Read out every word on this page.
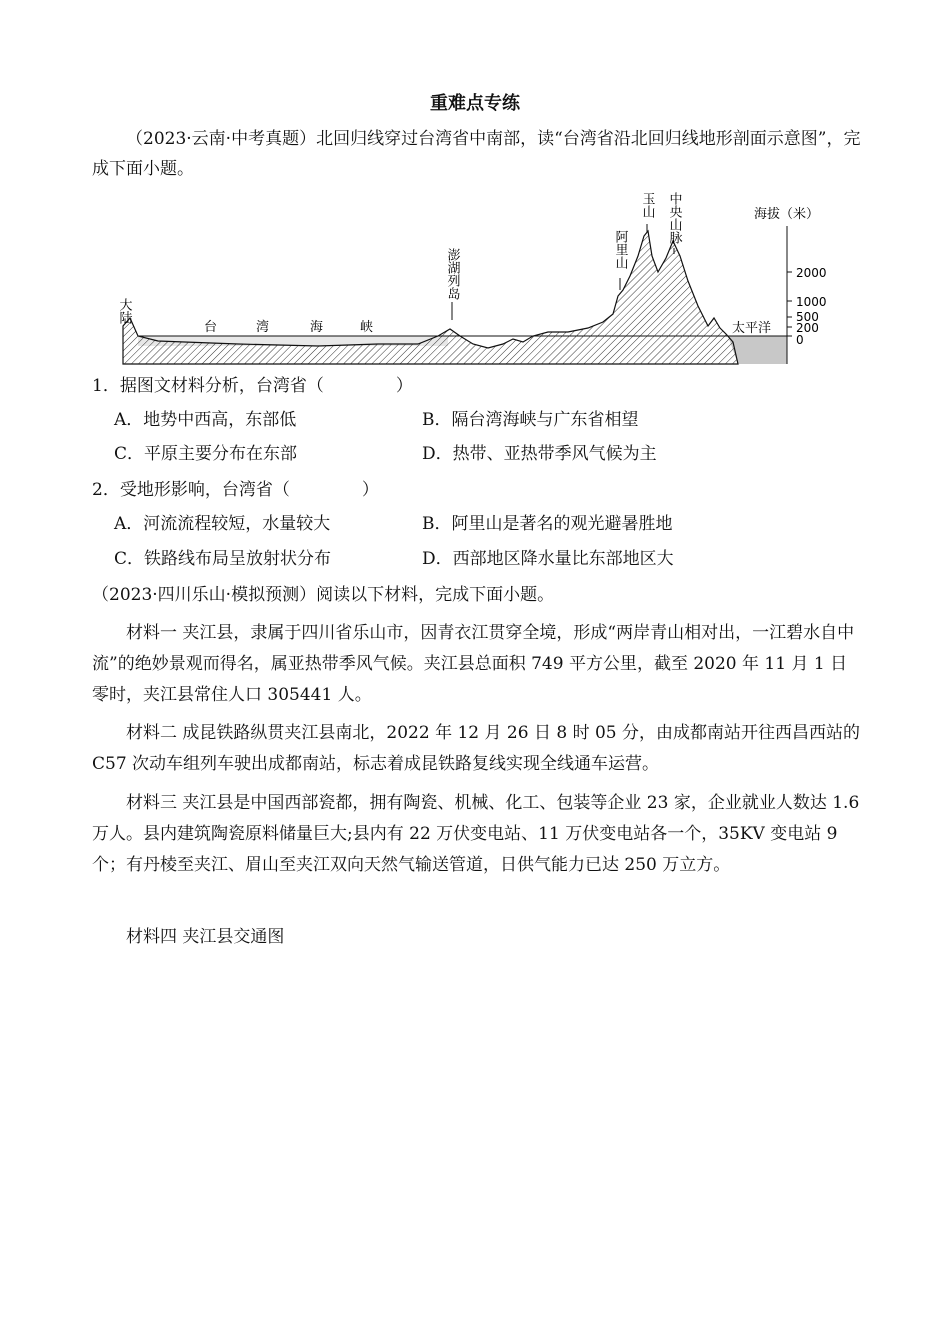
重难点专练

（2023·云南·中考真题）北回归线穿过台湾省中南部，读“台湾省沿北回归线地形剖面示意图”，完成下面小题。

2000
1000
500
200
0
海拔（米）
大陆
澎湖列岛	阿里山
玉山 中央山脉
台	湾	海	峡	太平洋
1．据图文材料分析，台湾省（	）
A．地势中西高，东部低	B．隔台湾海峡与广东省相望
C．平原主要分布在东部	D．热带、亚热带季风气候为主
2．受地形影响，台湾省（	）
A．河流流程较短，水量较大	B．阿里山是著名的观光避暑胜地
C．铁路线布局呈放射状分布	D．西部地区降水量比东部地区大

（2023·四川乐山·模拟预测）阅读以下材料，完成下面小题。

材料一 夹江县，隶属于四川省乐山市，因青衣江贯穿全境，形成“两岸青山相对出，一江碧水自中流”的绝妙景观而得名，属亚热带季风气候。夹江县总面积 749 平方公里，截至 2020 年 11 月 1 日零时，夹江县常住人口 305441 人。

材料二 成昆铁路纵贯夹江县南北，2022 年 12 月 26 日 8 时 05 分，由成都南站开往西昌西站的 C57 次动车组列车驶出成都南站，标志着成昆铁路复线实现全线通车运营。

材料三 夹江县是中国西部瓷都，拥有陶瓷、机械、化工、包装等企业 23 家，企业就业人数达 1.6 万人。县内建筑陶瓷原料储量巨大;县内有 22 万伏变电站、11 万伏变电站各一个，35KV 变电站 9 个；有丹棱至夹江、眉山至夹江双向天然气输送管道，日供气能力已达 250 万立方。

材料四 夹江县交通图
